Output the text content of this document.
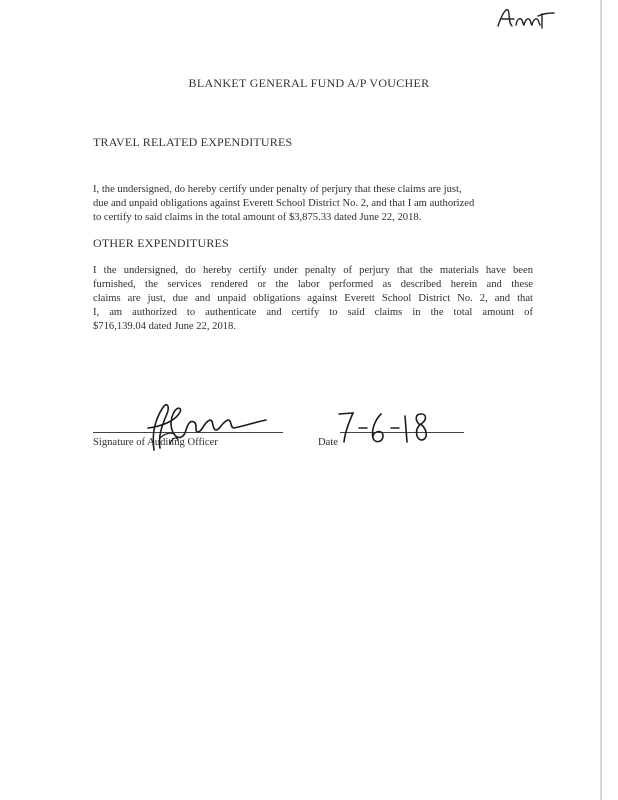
BLANKET GENERAL FUND A/P VOUCHER
TRAVEL RELATED EXPENDITURES

I, the undersigned, do hereby certify under penalty of perjury that these claims are just,
due and unpaid obligations against Everett School District No. 2, and that I am authorized
to certify to said claims in the total amount of $3,875.33 dated June 22, 2018.

OTHER EXPENDITURES

I the undersigned, do hereby certify under penalty of perjury that the materials have been
furnished, the services rendered or the labor performed as described herein and these
claims are just, due and unpaid obligations against Everett School District No. 2, and that
I, am authorized to authenticate and certify to said claims in the total amount of
$716,139.04 dated June 22, 2018.

Signature of Auditing Officer	Date
